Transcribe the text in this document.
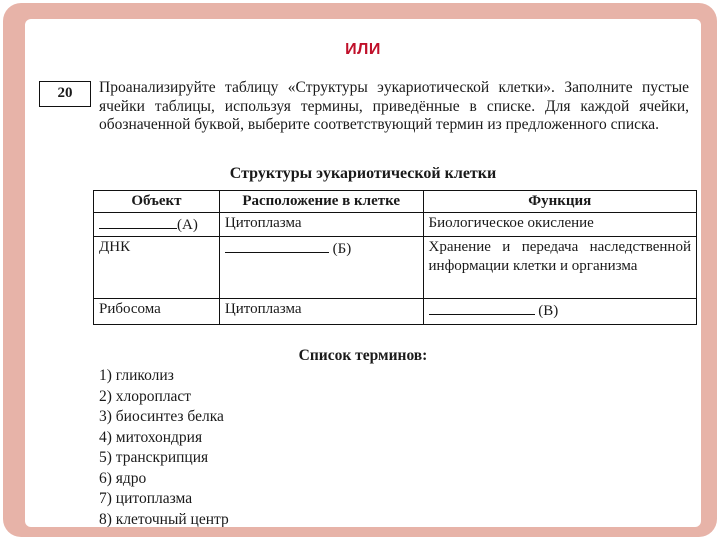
ИЛИ
20	Проанализируйте таблицу «Структуры эукариотической клетки». Заполните пустые ячейки таблицы, используя термины, приведённые в списке. Для каждой ячейки, обозначенной буквой, выберите соответствующий термин из предложенного списка.

Структуры эукариотической клетки
Объект	Расположение в клетке	Функция
(А)	Цитоплазма	Биологическое окисление
ДНК	(Б)	Хранение и передача наследственной информации клетки и организма
Рибосома	Цитоплазма	(В)
Список терминов:
1) гликолиз
2) хлоропласт
3) биосинтез белка
4) митохондрия
5) транскрипция
6) ядро
7) цитоплазма
8) клеточный центр
